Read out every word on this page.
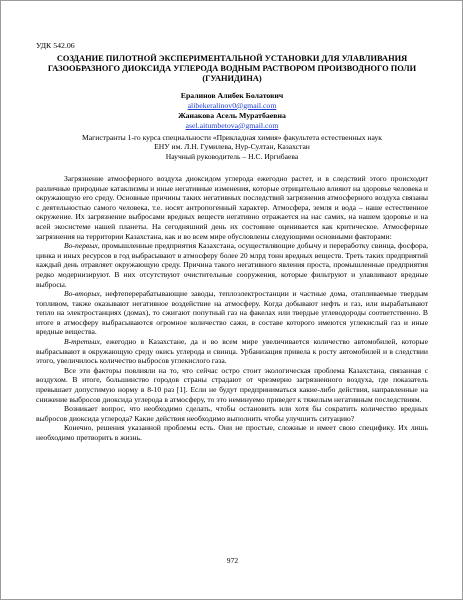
УДК 542.06
СОЗДАНИЕ ПИЛОТНОЙ ЭКСПЕРИМЕНТАЛЬНОЙ УСТАНОВКИ ДЛЯ УЛАВЛИВАНИЯ ГАЗООБРАЗНОГО ДИОКСИДА УГЛЕРОДА ВОДНЫМ РАСТВОРОМ ПРОИЗВОДНОГО ПОЛИ (ГУАНИДИНА)
Ералинов Алибек Болатович
alibekeralinov0@gmail.com
Жанакова Асель Муратбаевна
asel.aitumbetova@gmail.com
Магистранты 1-го курса специальности «Прикладная химия» факультета естественных наук
ЕНУ им. Л.Н. Гумилева, Нур-Султан, Казахстан
Научный руководитель – Н.С. Иргибаева

Загрязнение атмосферного воздуха диоксидом углерода ежегодно растет, и в следствий этого происходит различные природные катаклизмы и иные негативные изменения, которые отрицательно влияют на здоровье человека и окружающую его среду. Основные причины таких негативных последствий загрязнения атмосферного воздуха связаны с деятельностью самого человека, т.е. носят антропогенный характер. Атмосфера, земля и вода – наше естественное окружение. Их загрязнение выбросами вредных веществ негативно отражается на нас самих, на нашем здоровье и на всей экосистеме нашей планеты. На сегодняшний день их состояние оценивается как критическое. Атмосферные загрязнения на территории Казахстана, как и во всем мире обусловлены следующими основными факторами:

Во-первых, промышленные предприятия Казахстана, осуществляющие добычу и переработку свинца, фосфора, цинка и иных ресурсов в год выбрасывают в атмосферу более 20 млрд тонн вредных веществ. Треть таких предприятий каждый день отравляет окружающую среду. Причина такого негативного явления проста, промышленные предприятия редко модернизируют. В них отсутствуют очистительные сооружения, которые фильтруют и улавливают вредные выбросы.

Во-вторых, нефтеперерабатывающие заводы, теплоэлектростанции и частные дома, отапливаемые твердым топливом, также оказывают негативное воздействие на атмосферу. Когда добывают нефть и газ, или вырабатывают тепло на электростанциях (домах), то сжигают попутный газ на факелах или твердые углеводороды соответственно. В итоге в атмосферу выбрасываются огромное количество сажи, в составе которого имеются углекислый газ и иные вредные вещества.

В-третьих, ежегодно в Казахстане, да и во всем мире увеличивается количество автомобилей, которые выбрасывают в окружающую среду окись углерода и свинца. Урбанизация привела к росту автомобилей и в следствии этого, увеличилось количество выбросов углекислого газа.

Все эти факторы повлияли на то, что сейчас остро стоит экологическая проблема Казахстана, связанная с воздухом. В итоге, большинство городов страны страдают от чрезмерно загрязненного воздуха, где показатель превышает допустимую норму в 8-10 раз [1]. Если не будут предприниматься какие-либо действия, направленные на снижение выбросов диоксида углерода в атмосферу, то это неминуемо приведет к тяжелым негативным последствиям.

Возникает вопрос, что необходимо сделать, чтобы остановить или хотя бы сократить количество вредных выбросов диоксида углерода? Какие действия необходимо выполнить чтобы улучшить ситуацию?

Конечно, решения указанной проблемы есть. Они не простые, сложные и имеет свою специфику. Их лишь необходимо претворить в жизнь.

972
